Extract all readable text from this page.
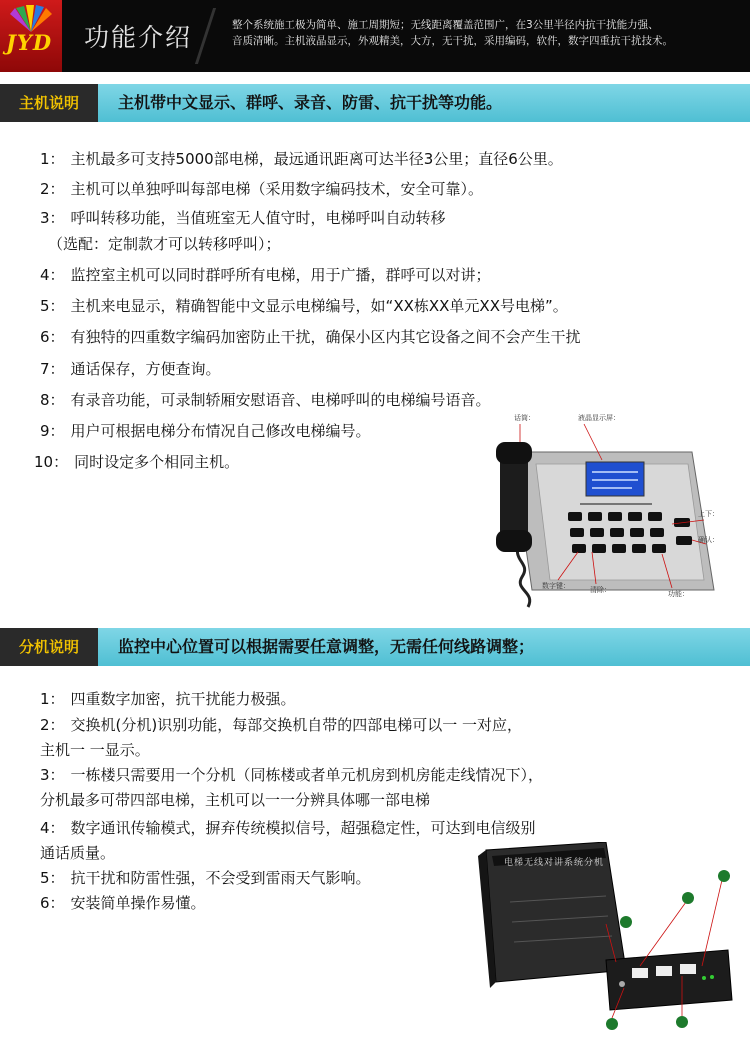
JYD 功能介绍	整个系统施工极为简单、施工周期短；无线距离覆盖范围广，在3公里半径内抗干扰能力强、
音质清晰。主机液晶显示，外观精美，大方，无干扰，采用编码，软件，数字四重抗干扰技术。
主机说明	主机带中文显示、群呼、录音、防雷、抗干扰等功能。
1： 主机最多可支持5000部电梯，最远通讯距离可达半径3公里；直径6公里。
2： 主机可以单独呼叫每部电梯（采用数字编码技术，安全可靠）。
3： 呼叫转移功能，当值班室无人值守时，电梯呼叫自动转移
（选配：定制款才可以转移呼叫）；
4： 监控室主机可以同时群呼所有电梯，用于广播，群呼可以对讲；
5： 主机来电显示，精确智能中文显示电梯编号，如“XX栋XX单元XX号电梯”。
6： 有独特的四重数字编码加密防止干扰，确保小区内其它设备之间不会产生干扰
7： 通话保存，方便查询。
8： 有录音功能，可录制轿厢安慰语音、电梯呼叫的电梯编号语音。
9： 用户可根据电梯分布情况自己修改电梯编号。
10： 同时设定多个相同主机。
话筒：	液晶显示屏：
上下：
确认：
数字键：	清除：	功能：
分机说明	监控中心位置可以根据需要任意调整，无需任何线路调整；
1： 四重数字加密，抗干扰能力极强。
2： 交换机(分机)识别功能，每部交换机自带的四部电梯可以一 一对应，
主机一 一显示。
3： 一栋楼只需要用一个分机（同栋楼或者单元机房到机房能走线情况下），
分机最多可带四部电梯，主机可以一一分辨具体哪一部电梯
4： 数字通讯传输模式，摒弃传统模拟信号，超强稳定性，可达到电信级别
通话质量。
5： 抗干扰和防雷性强，不会受到雷雨天气影响。
6： 安装简单操作易懂。
电梯无线对讲系统分机
